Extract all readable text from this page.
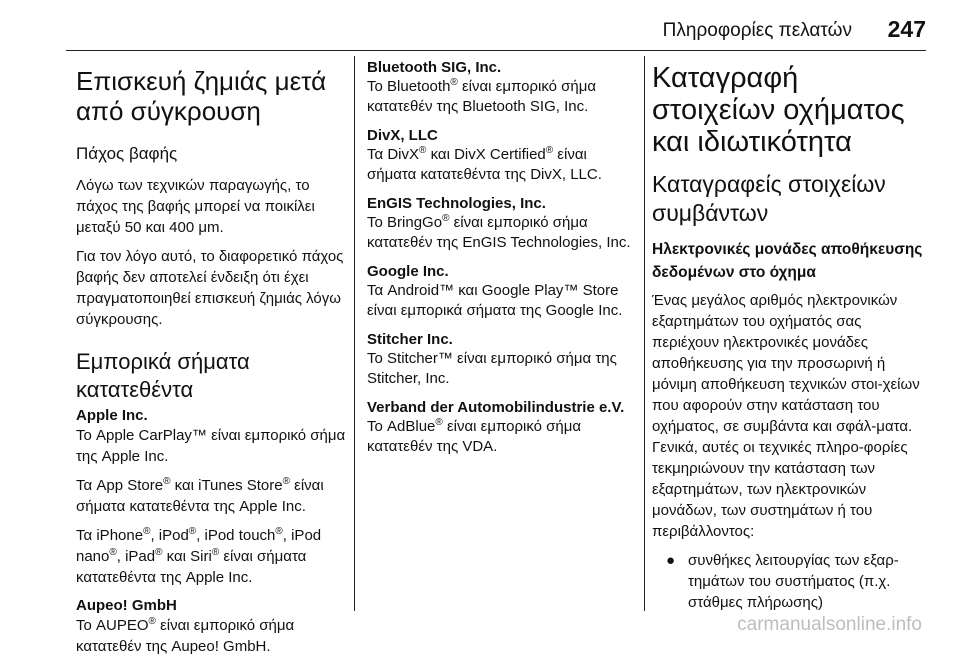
Πληροφορίες πελατών 247
Επισκευή ζημιάς μετά από σύγκρουση
Πάχος βαφής

Λόγω των τεχνικών παραγωγής, το πάχος της βαφής μπορεί να ποικίλει μεταξύ 50 και 400 μm.

Για τον λόγο αυτό, το διαφορετικό πάχος βαφής δεν αποτελεί ένδειξη ότι έχει πραγματοποιηθεί επισκευή ζημιάς λόγω σύγκρουσης.

Εμπορικά σήματα κατατεθέντα
Apple Inc.

Το Apple CarPlay™ είναι εμπορικό σήμα της Apple Inc.

Τα App Store® και iTunes Store® είναι σήματα κατατεθέντα της Apple Inc.

Τα iPhone®, iPod®, iPod touch®, iPod nano®, iPad® και Siri® είναι σήματα κατατεθέντα της Apple Inc.

Aupeo! GmbH

Το AUPEO® είναι εμπορικό σήμα κατατεθέν της Aupeo! GmbH.

Bluetooth SIG, Inc.

Το Bluetooth® είναι εμπορικό σήμα κατατεθέν της Bluetooth SIG, Inc.

DivX, LLC

Τα DivX® και DivX Certified® είναι σήματα κατατεθέντα της DivX, LLC.

EnGIS Technologies, Inc.

Το BringGo® είναι εμπορικό σήμα κατατεθέν της EnGIS Technologies, Inc.

Google Inc.

Τα Android™ και Google Play™ Store είναι εμπορικά σήματα της Google Inc.

Stitcher Inc.

Το Stitcher™ είναι εμπορικό σήμα της Stitcher, Inc.

Verband der Automobilindustrie e.V.

Το AdBlue® είναι εμπορικό σήμα κατατεθέν της VDA.

Καταγραφή στοιχείων οχήματος και ιδιωτικότητα
Καταγραφείς στοιχείων συμβάντων
Ηλεκτρονικές μονάδες αποθήκευσης δεδομένων στο όχημα

Ένας μεγάλος αριθμός ηλεκτρονικών εξαρτημάτων του οχήματός σας περιέχουν ηλεκτρονικές μονάδες αποθήκευσης για την προσωρινή ή μόνιμη αποθήκευση τεχνικών στοι-χείων που αφορούν στην κατάσταση του οχήματος, σε συμβάντα και σφάλ-ματα. Γενικά, αυτές οι τεχνικές πληρο-φορίες τεκμηριώνουν την κατάσταση των εξαρτημάτων, των ηλεκτρονικών μονάδων, των συστημάτων ή του περιβάλλοντος:

● συνθήκες λειτουργίας των εξαρ-τημάτων του συστήματος (π.χ. στάθμες πλήρωσης)
carmanualsonline.info
